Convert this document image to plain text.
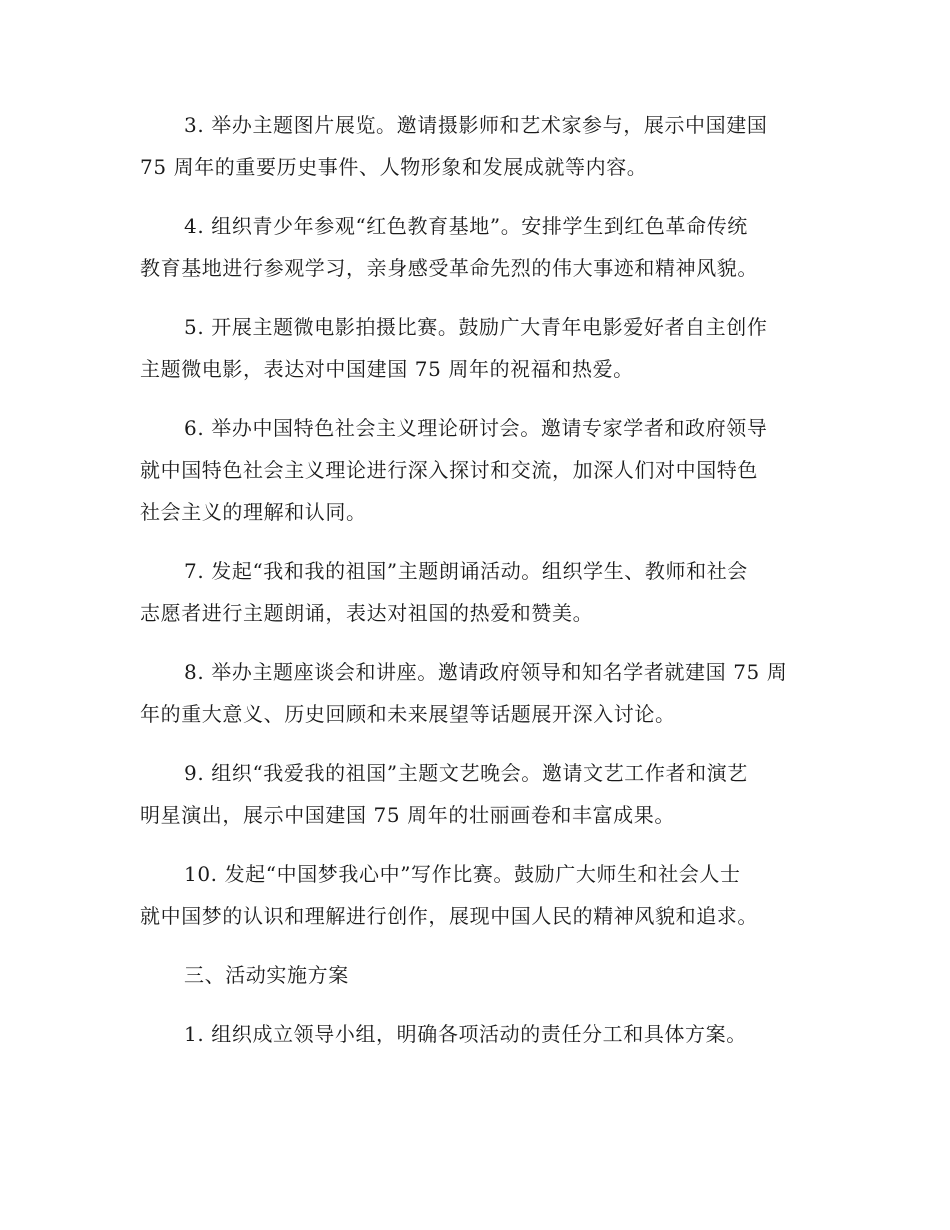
3. 举办主题图片展览。邀请摄影师和艺术家参与，展示中国建国
75 周年的重要历史事件、人物形象和发展成就等内容。

4. 组织青少年参观“红色教育基地”。安排学生到红色革命传统
教育基地进行参观学习，亲身感受革命先烈的伟大事迹和精神风貌。

5. 开展主题微电影拍摄比赛。鼓励广大青年电影爱好者自主创作
主题微电影，表达对中国建国 75 周年的祝福和热爱。

6. 举办中国特色社会主义理论研讨会。邀请专家学者和政府领导
就中国特色社会主义理论进行深入探讨和交流，加深人们对中国特色
社会主义的理解和认同。

7. 发起“我和我的祖国”主题朗诵活动。组织学生、教师和社会
志愿者进行主题朗诵，表达对祖国的热爱和赞美。

8. 举办主题座谈会和讲座。邀请政府领导和知名学者就建国 75 周
年的重大意义、历史回顾和未来展望等话题展开深入讨论。

9. 组织“我爱我的祖国”主题文艺晚会。邀请文艺工作者和演艺
明星演出，展示中国建国 75 周年的壮丽画卷和丰富成果。

10. 发起“中国梦我心中”写作比赛。鼓励广大师生和社会人士
就中国梦的认识和理解进行创作，展现中国人民的精神风貌和追求。

三、活动实施方案

1. 组织成立领导小组，明确各项活动的责任分工和具体方案。
